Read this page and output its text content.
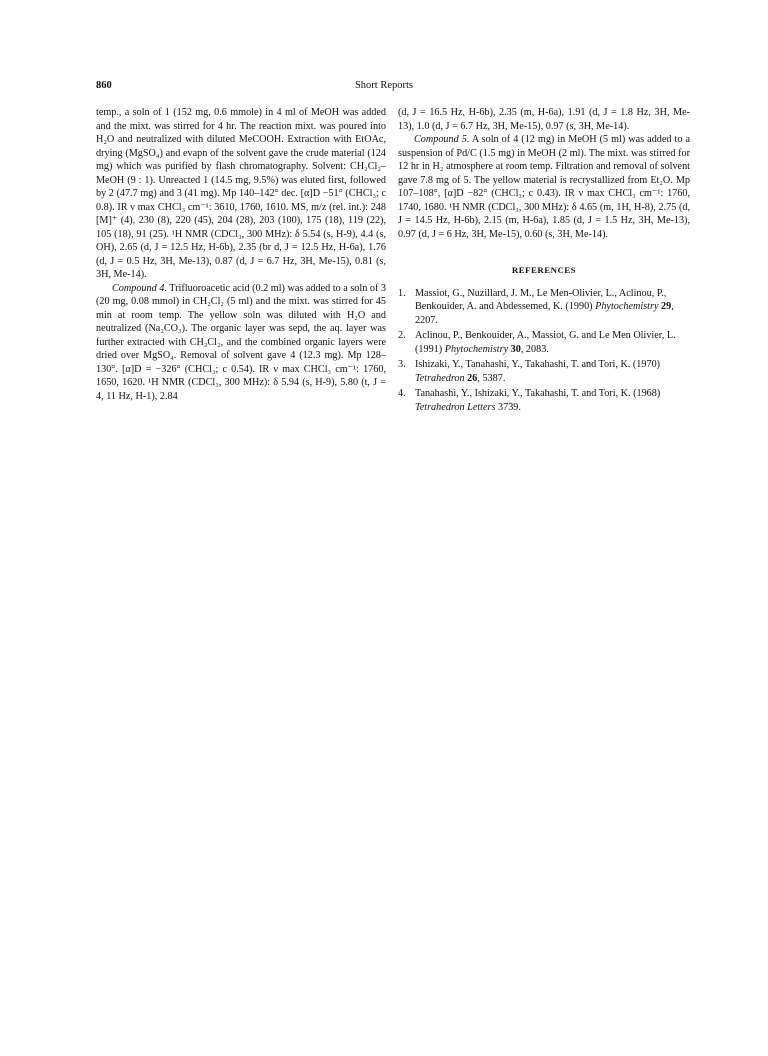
860	Short Reports

temp., a soln of 1 (152 mg, 0.6 mmole) in 4 ml of MeOH was added and the mixt. was stirred for 4 hr. The reaction mixt. was poured into H₂O and neutralized with diluted MeCOOH. Extraction with EtOAc, drying (MgSO₄) and evapn of the solvent gave the crude material (124 mg) which was purified by flash chromatography. Solvent: CH₂Cl₂–MeOH (9 : 1). Unreacted 1 (14.5 mg, 9.5%) was eluted first, followed by 2 (47.7 mg) and 3 (41 mg). Mp 140–142° dec. [α]D −51° (CHCl₃; c 0.8). IR ν max CHCl₃ cm⁻¹: 3610, 1760, 1610. MS, m/z (rel. int.): 248 [M]⁺ (4), 230 (8), 220 (45), 204 (28), 203 (100), 175 (18), 119 (22), 105 (18), 91 (25). ¹H NMR (CDCl₃, 300 MHz): δ 5.54 (s, H-9), 4.4 (s, OH), 2.65 (d, J = 12.5 Hz, H-6b), 2.35 (br d, J = 12.5 Hz, H-6a), 1.76 (d, J = 0.5 Hz, 3H, Me-13), 0.87 (d, J = 6.7 Hz, 3H, Me-15), 0.81 (s, 3H, Me-14).

Compound 4. Trifluoroacetic acid (0.2 ml) was added to a soln of 3 (20 mg, 0.08 mmol) in CH₂Cl₂ (5 ml) and the mixt. was stirred for 45 min at room temp. The yellow soln was diluted with H₂O and neutralized (Na₂CO₃). The organic layer was sepd, the aq. layer was further extracted with CH₂Cl₂, and the combined organic layers were dried over MgSO₄. Removal of solvent gave 4 (12.3 mg). Mp 128–130°. [α]D = −326° (CHCl₃; c 0.54). IR ν max CHCl₃ cm⁻¹: 1760, 1650, 1620. ¹H NMR (CDCl₃, 300 MHz): δ 5.94 (s, H-9), 5.80 (t, J = 4, 11 Hz, H-1), 2.84

(d, J = 16.5 Hz, H-6b), 2.35 (m, H-6a), 1.91 (d, J = 1.8 Hz, 3H, Me-13), 1.0 (d, J = 6.7 Hz, 3H, Me-15), 0.97 (s, 3H, Me-14).

Compound 5. A soln of 4 (12 mg) in MeOH (5 ml) was added to a suspension of Pd/C (1.5 mg) in MeOH (2 ml). The mixt. was stirred for 12 hr in H₂ atmosphere at room temp. Filtration and removal of solvent gave 7.8 mg of 5. The yellow material is recrystallized from Et₂O. Mp 107–108°, [α]D −82° (CHCl₃; c 0.43). IR ν max CHCl₃ cm⁻¹: 1760, 1740, 1680. ¹H NMR (CDCl₃, 300 MHz): δ 4.65 (m, 1H, H-8), 2.75 (d, J = 14.5 Hz, H-6b), 2.15 (m, H-6a), 1.85 (d, J = 1.5 Hz, 3H, Me-13), 0.97 (d, J = 6 Hz, 3H, Me-15), 0.60 (s, 3H, Me-14).

REFERENCES
1. Massiot, G., Nuzillard, J. M., Le Men-Olivier, L., Aclinou, P., Benkouider, A. and Abdessemed, K. (1990) Phytochemistry 29, 2207.
2. Aclinou, P., Benkouider, A., Massiot, G. and Le Men Olivier, L. (1991) Phytochemistry 30, 2083.
3. Ishizaki, Y., Tanahashi, Y., Takahashi, T. and Tori, K. (1970) Tetrahedron 26, 5387.
4. Tanahashi, Y., Ishizaki, Y., Takahashi, T. and Tori, K. (1968) Tetrahedron Letters 3739.
